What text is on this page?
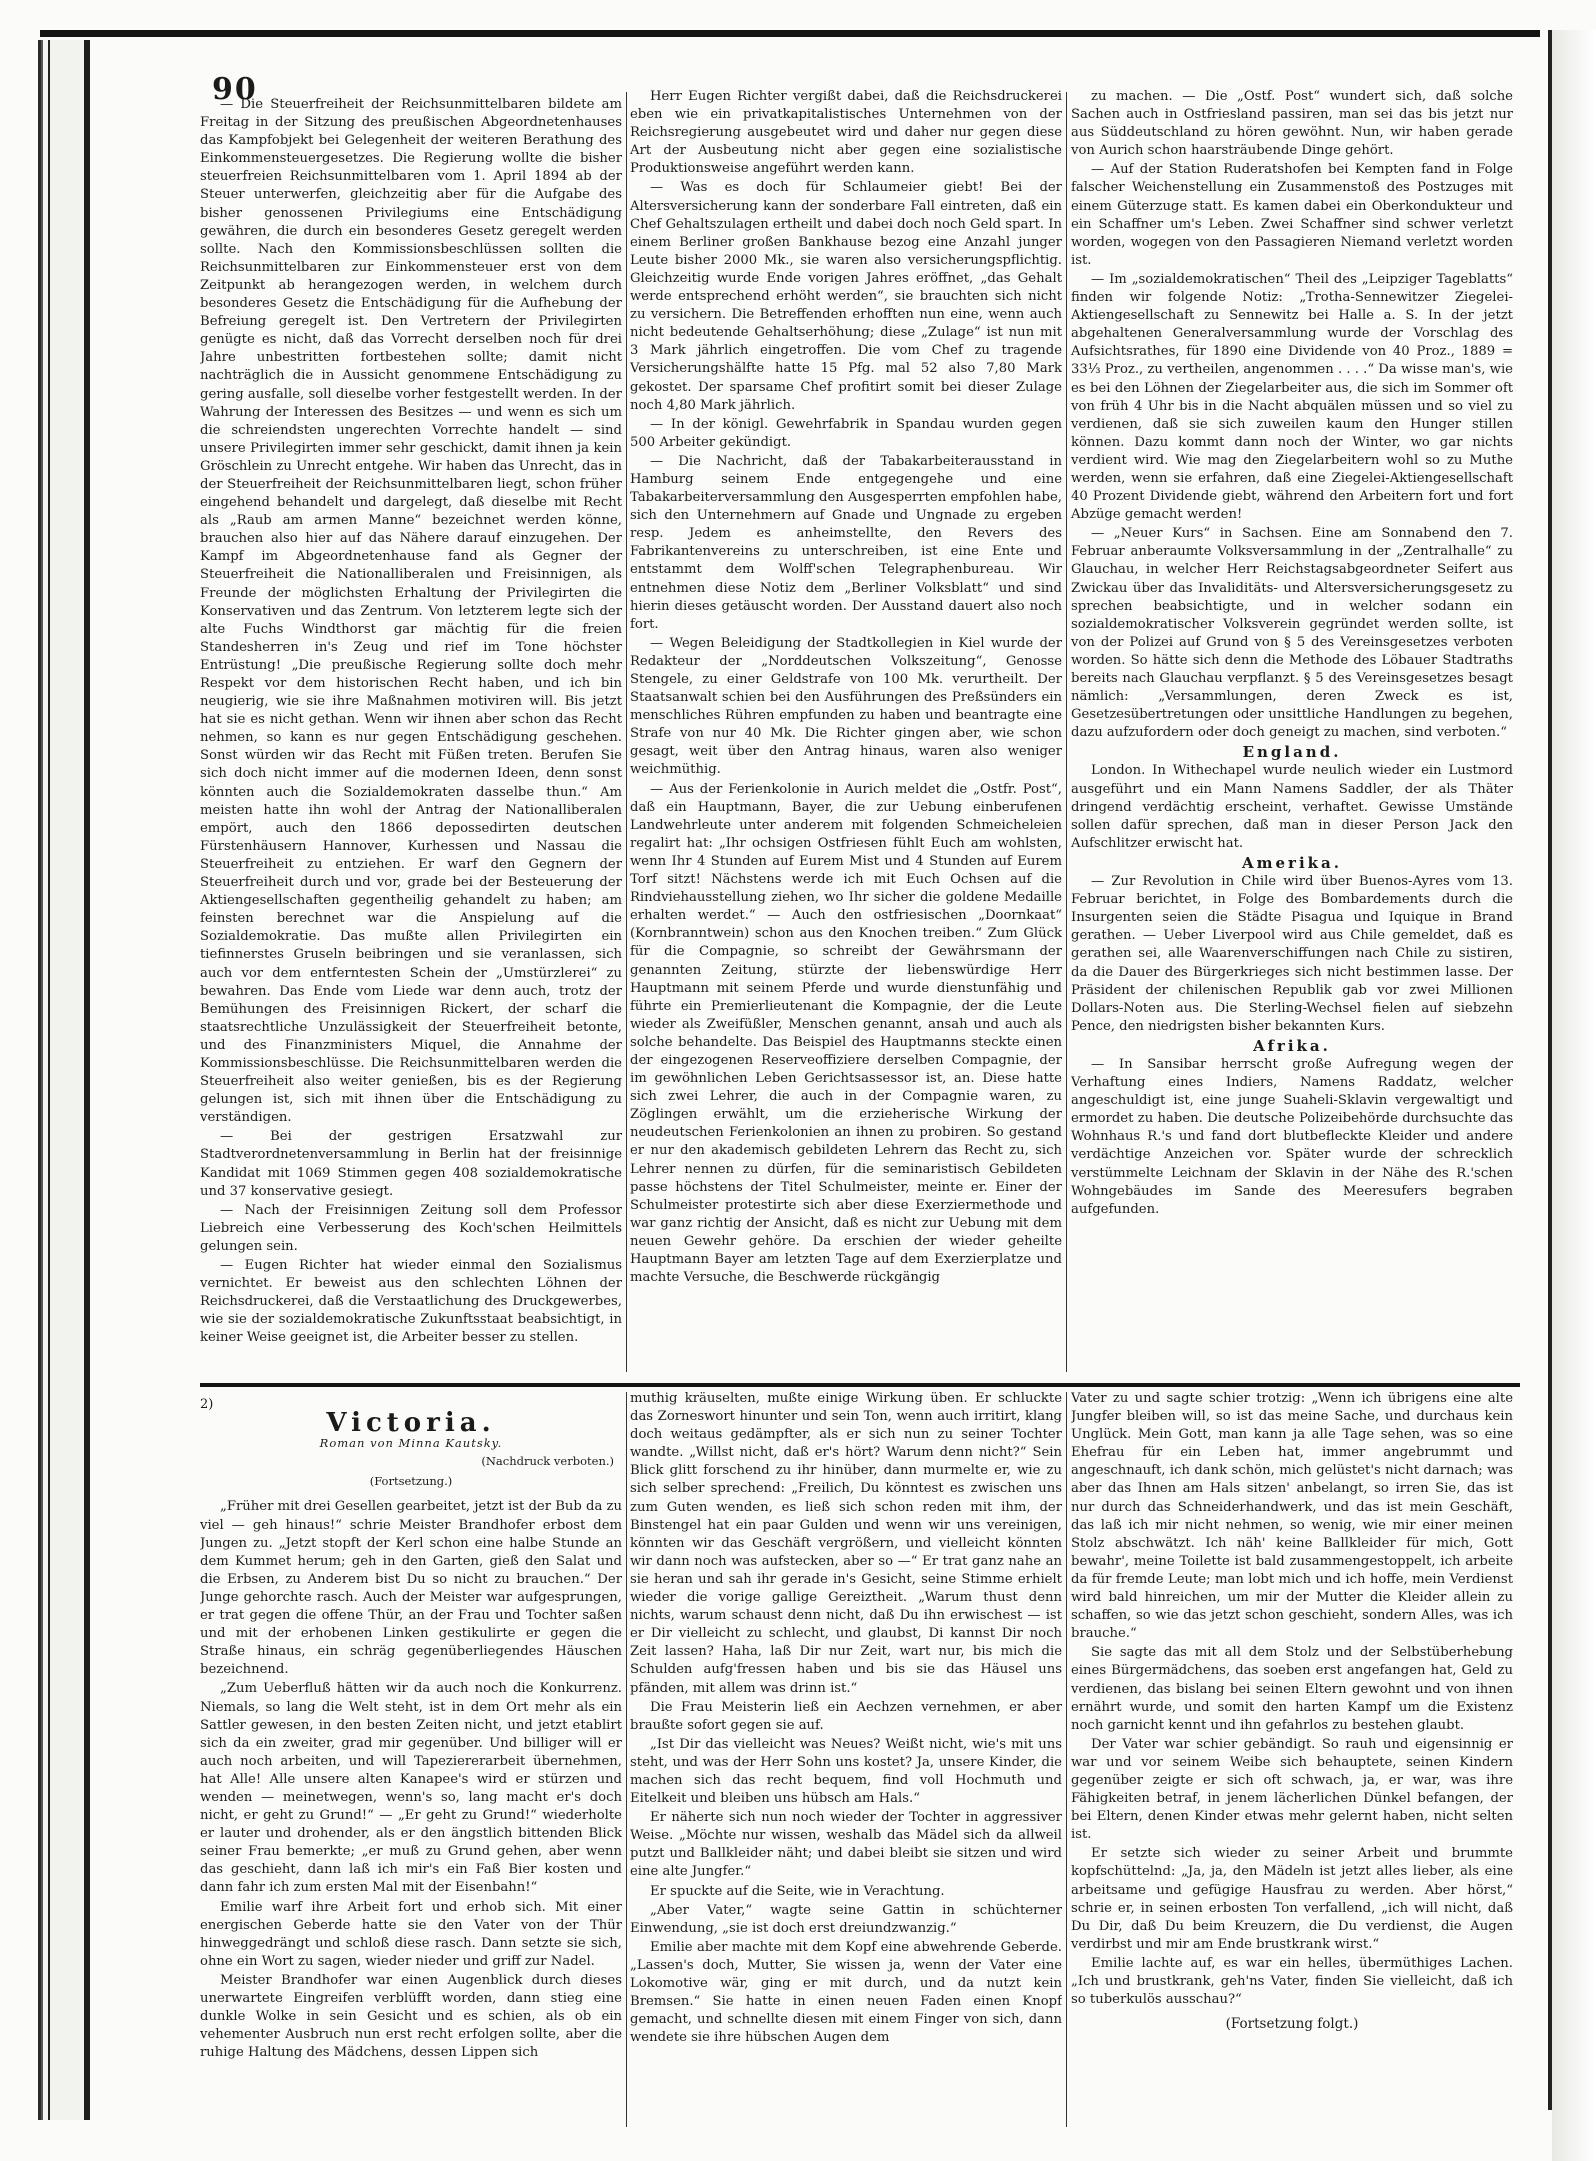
90

— Die Steuerfreiheit der Reichsunmittelbaren bildete am Freitag in der Sitzung des preußischen Abgeordnetenhauses das Kampfobjekt bei Gelegenheit der weiteren Berathung des Einkommensteuergesetzes. Die Regierung wollte die bisher steuerfreien Reichsunmittelbaren vom 1. April 1894 ab der Steuer unterwerfen, gleichzeitig aber für die Aufgabe des bisher genossenen Privilegiums eine Entschädigung gewähren, die durch ein besonderes Gesetz geregelt werden sollte. Nach den Kommissionsbeschlüssen sollten die Reichsunmittelbaren zur Einkommensteuer erst von dem Zeitpunkt ab herangezogen werden, in welchem durch besonderes Gesetz die Entschädigung für die Aufhebung der Befreiung geregelt ist. Den Vertretern der Privilegirten genügte es nicht, daß das Vorrecht derselben noch für drei Jahre unbestritten fortbestehen sollte; damit nicht nachträglich die in Aussicht genommene Entschädigung zu gering ausfalle, soll dieselbe vorher festgestellt werden. In der Wahrung der Interessen des Besitzes — und wenn es sich um die schreiendsten ungerechten Vorrechte handelt — sind unsere Privilegirten immer sehr geschickt, damit ihnen ja kein Gröschlein zu Unrecht entgehe. Wir haben das Unrecht, das in der Steuerfreiheit der Reichsunmittelbaren liegt, schon früher eingehend behandelt und dargelegt, daß dieselbe mit Recht als „Raub am armen Manne“ bezeichnet werden könne, brauchen also hier auf das Nähere darauf einzugehen. Der Kampf im Abgeordnetenhause fand als Gegner der Steuerfreiheit die Nationalliberalen und Freisinnigen, als Freunde der möglichsten Erhaltung der Privilegirten die Konservativen und das Zentrum. Von letzterem legte sich der alte Fuchs Windthorst gar mächtig für die freien Standesherren in's Zeug und rief im Tone höchster Entrüstung! „Die preußische Regierung sollte doch mehr Respekt vor dem historischen Recht haben, und ich bin neugierig, wie sie ihre Maßnahmen motiviren will. Bis jetzt hat sie es nicht gethan. Wenn wir ihnen aber schon das Recht nehmen, so kann es nur gegen Entschädigung geschehen. Sonst würden wir das Recht mit Füßen treten. Berufen Sie sich doch nicht immer auf die modernen Ideen, denn sonst könnten auch die Sozialdemokraten dasselbe thun.“ Am meisten hatte ihn wohl der Antrag der Nationalliberalen empört, auch den 1866 depossedirten deutschen Fürstenhäusern Hannover, Kurhessen und Nassau die Steuerfreiheit zu entziehen. Er warf den Gegnern der Steuerfreiheit durch und vor, grade bei der Besteuerung der Aktiengesellschaften gegentheilig gehandelt zu haben; am feinsten berechnet war die Anspielung auf die Sozialdemokratie. Das mußte allen Privilegirten ein tiefinnerstes Gruseln beibringen und sie veranlassen, sich auch vor dem entferntesten Schein der „Umstürzlerei“ zu bewahren. Das Ende vom Liede war denn auch, trotz der Bemühungen des Freisinnigen Rickert, der scharf die staatsrechtliche Unzulässigkeit der Steuerfreiheit betonte, und des Finanzministers Miquel, die Annahme der Kommissionsbeschlüsse. Die Reichsunmittelbaren werden die Steuerfreiheit also weiter genießen, bis es der Regierung gelungen ist, sich mit ihnen über die Entschädigung zu verständigen.

— Bei der gestrigen Ersatzwahl zur Stadtverordnetenversammlung in Berlin hat der freisinnige Kandidat mit 1069 Stimmen gegen 408 sozialdemokratische und 37 konservative gesiegt.

— Nach der Freisinnigen Zeitung soll dem Professor Liebreich eine Verbesserung des Koch'schen Heilmittels gelungen sein.

— Eugen Richter hat wieder einmal den Sozialismus vernichtet. Er beweist aus den schlechten Löhnen der Reichsdruckerei, daß die Verstaatlichung des Druckgewerbes, wie sie der sozialdemokratische Zukunftsstaat beabsichtigt, in keiner Weise geeignet ist, die Arbeiter besser zu stellen.

Herr Eugen Richter vergißt dabei, daß die Reichsdruckerei eben wie ein privatkapitalistisches Unternehmen von der Reichsregierung ausgebeutet wird und daher nur gegen diese Art der Ausbeutung nicht aber gegen eine sozialistische Produktionsweise angeführt werden kann.

— Was es doch für Schlaumeier giebt! Bei der Altersversicherung kann der sonderbare Fall eintreten, daß ein Chef Gehaltszulagen ertheilt und dabei doch noch Geld spart. In einem Berliner großen Bankhause bezog eine Anzahl junger Leute bisher 2000 Mk., sie waren also versicherungspflichtig. Gleichzeitig wurde Ende vorigen Jahres eröffnet, „das Gehalt werde entsprechend erhöht werden“, sie brauchten sich nicht zu versichern. Die Betreffenden erhofften nun eine, wenn auch nicht bedeutende Gehaltserhöhung; diese „Zulage“ ist nun mit 3 Mark jährlich eingetroffen. Die vom Chef zu tragende Versicherungshälfte hatte 15 Pfg. mal 52 also 7,80 Mark gekostet. Der sparsame Chef profitirt somit bei dieser Zulage noch 4,80 Mark jährlich.

— In der königl. Gewehrfabrik in Spandau wurden gegen 500 Arbeiter gekündigt.

— Die Nachricht, daß der Tabakarbeiterausstand in Hamburg seinem Ende entgegengehe und eine Tabakarbeiterversammlung den Ausgesperrten empfohlen habe, sich den Unternehmern auf Gnade und Ungnade zu ergeben resp. Jedem es anheimstellte, den Revers des Fabrikantenvereins zu unterschreiben, ist eine Ente und entstammt dem Wolff'schen Telegraphenbureau. Wir entnehmen diese Notiz dem „Berliner Volksblatt“ und sind hierin dieses getäuscht worden. Der Ausstand dauert also noch fort.

— Wegen Beleidigung der Stadtkollegien in Kiel wurde der Redakteur der „Norddeutschen Volkszeitung“, Genosse Stengele, zu einer Geldstrafe von 100 Mk. verurtheilt. Der Staatsanwalt schien bei den Ausführungen des Preßsünders ein menschliches Rühren empfunden zu haben und beantragte eine Strafe von nur 40 Mk. Die Richter gingen aber, wie schon gesagt, weit über den Antrag hinaus, waren also weniger weichmüthig.

— Aus der Ferienkolonie in Aurich meldet die „Ostfr. Post“, daß ein Hauptmann, Bayer, die zur Uebung einberufenen Landwehrleute unter anderem mit folgenden Schmeicheleien regalirt hat: „Ihr ochsigen Ostfriesen fühlt Euch am wohlsten, wenn Ihr 4 Stunden auf Eurem Mist und 4 Stunden auf Eurem Torf sitzt! Nächstens werde ich mit Euch Ochsen auf die Rindviehausstellung ziehen, wo Ihr sicher die goldene Medaille erhalten werdet.“ — Auch den ostfriesischen „Doornkaat“ (Kornbranntwein) schon aus den Knochen treiben.“ Zum Glück für die Compagnie, so schreibt der Gewährsmann der genannten Zeitung, stürzte der liebenswürdige Herr Hauptmann mit seinem Pferde und wurde dienstunfähig und führte ein Premierlieutenant die Kompagnie, der die Leute wieder als Zweifüßler, Menschen genannt, ansah und auch als solche behandelte. Das Beispiel des Hauptmanns steckte einen der eingezogenen Reserveoffiziere derselben Compagnie, der im gewöhnlichen Leben Gerichtsassessor ist, an. Diese hatte sich zwei Lehrer, die auch in der Compagnie waren, zu Zöglingen erwählt, um die erzieherische Wirkung der neudeutschen Ferienkolonien an ihnen zu probiren. So gestand er nur den akademisch gebildeten Lehrern das Recht zu, sich Lehrer nennen zu dürfen, für die seminaristisch Gebildeten passe höchstens der Titel Schulmeister, meinte er. Einer der Schulmeister protestirte sich aber diese Exerziermethode und war ganz richtig der Ansicht, daß es nicht zur Uebung mit dem neuen Gewehr gehöre. Da erschien der wieder geheilte Hauptmann Bayer am letzten Tage auf dem Exerzierplatze und machte Versuche, die Beschwerde rückgängig

zu machen. — Die „Ostf. Post“ wundert sich, daß solche Sachen auch in Ostfriesland passiren, man sei das bis jetzt nur aus Süddeutschland zu hören gewöhnt. Nun, wir haben gerade von Aurich schon haarsträubende Dinge gehört.

— Auf der Station Ruderatshofen bei Kempten fand in Folge falscher Weichenstellung ein Zusammenstoß des Postzuges mit einem Güterzuge statt. Es kamen dabei ein Oberkondukteur und ein Schaffner um's Leben. Zwei Schaffner sind schwer verletzt worden, wogegen von den Passagieren Niemand verletzt worden ist.

— Im „sozialdemokratischen“ Theil des „Leipziger Tageblatts“ finden wir folgende Notiz: „Trotha-Sennewitzer Ziegelei-Aktiengesellschaft zu Sennewitz bei Halle a. S. In der jetzt abgehaltenen Generalversammlung wurde der Vorschlag des Aufsichtsrathes, für 1890 eine Dividende von 40 Proz., 1889 = 33⅓ Proz., zu vertheilen, angenommen . . . .“ Da wisse man's, wie es bei den Löhnen der Ziegelarbeiter aus, die sich im Sommer oft von früh 4 Uhr bis in die Nacht abquälen müssen und so viel zu verdienen, daß sie sich zuweilen kaum den Hunger stillen können. Dazu kommt dann noch der Winter, wo gar nichts verdient wird. Wie mag den Ziegelarbeitern wohl so zu Muthe werden, wenn sie erfahren, daß eine Ziegelei-Aktiengesellschaft 40 Prozent Dividende giebt, während den Arbeitern fort und fort Abzüge gemacht werden!

— „Neuer Kurs“ in Sachsen. Eine am Sonnabend den 7. Februar anberaumte Volksversammlung in der „Zentralhalle“ zu Glauchau, in welcher Herr Reichstagsabgeordneter Seifert aus Zwickau über das Invaliditäts- und Altersversicherungsgesetz zu sprechen beabsichtigte, und in welcher sodann ein sozialdemokratischer Volksverein gegründet werden sollte, ist von der Polizei auf Grund von § 5 des Vereinsgesetzes verboten worden. So hätte sich denn die Methode des Löbauer Stadtraths bereits nach Glauchau verpflanzt. § 5 des Vereinsgesetzes besagt nämlich: „Versammlungen, deren Zweck es ist, Gesetzesübertretungen oder unsittliche Handlungen zu begehen, dazu aufzufordern oder doch geneigt zu machen, sind verboten.“

England.

London. In Withechapel wurde neulich wieder ein Lustmord ausgeführt und ein Mann Namens Saddler, der als Thäter dringend verdächtig erscheint, verhaftet. Gewisse Umstände sollen dafür sprechen, daß man in dieser Person Jack den Aufschlitzer erwischt hat.

Amerika.

— Zur Revolution in Chile wird über Buenos-Ayres vom 13. Februar berichtet, in Folge des Bombardements durch die Insurgenten seien die Städte Pisagua und Iquique in Brand gerathen. — Ueber Liverpool wird aus Chile gemeldet, daß es gerathen sei, alle Waarenverschiffungen nach Chile zu sistiren, da die Dauer des Bürgerkrieges sich nicht bestimmen lasse. Der Präsident der chilenischen Republik gab vor zwei Millionen Dollars-Noten aus. Die Sterling-Wechsel fielen auf siebzehn Pence, den niedrigsten bisher bekannten Kurs.

Afrika.

— In Sansibar herrscht große Aufregung wegen der Verhaftung eines Indiers, Namens Raddatz, welcher angeschuldigt ist, eine junge Suaheli-Sklavin vergewaltigt und ermordet zu haben. Die deutsche Polizeibehörde durchsuchte das Wohnhaus R.'s und fand dort blutbefleckte Kleider und andere verdächtige Anzeichen vor. Später wurde der schrecklich verstümmelte Leichnam der Sklavin in der Nähe des R.'schen Wohngebäudes im Sande des Meeresufers begraben aufgefunden.

2)
Victoria.
Roman von Minna Kautsky.
(Nachdruck verboten.)
(Fortsetzung.)

„Früher mit drei Gesellen gearbeitet, jetzt ist der Bub da zu viel — geh hinaus!“ schrie Meister Brandhofer erbost dem Jungen zu. „Jetzt stopft der Kerl schon eine halbe Stunde an dem Kummet herum; geh in den Garten, gieß den Salat und die Erbsen, zu Anderem bist Du so nicht zu brauchen.“ Der Junge gehorchte rasch. Auch der Meister war aufgesprungen, er trat gegen die offene Thür, an der Frau und Tochter saßen und mit der erhobenen Linken gestikulirte er gegen die Straße hinaus, ein schräg gegenüberliegendes Häuschen bezeichnend.

„Zum Ueberfluß hätten wir da auch noch die Konkurrenz. Niemals, so lang die Welt steht, ist in dem Ort mehr als ein Sattler gewesen, in den besten Zeiten nicht, und jetzt etablirt sich da ein zweiter, grad mir gegenüber. Und billiger will er auch noch arbeiten, und will Tapeziererarbeit übernehmen, hat Alle! Alle unsere alten Kanapee's wird er stürzen und wenden — meinetwegen, wenn's so, lang macht er's doch nicht, er geht zu Grund!“ — „Er geht zu Grund!“ wiederholte er lauter und drohender, als er den ängstlich bittenden Blick seiner Frau bemerkte; „er muß zu Grund gehen, aber wenn das geschieht, dann laß ich mir's ein Faß Bier kosten und dann fahr ich zum ersten Mal mit der Eisenbahn!“

Emilie warf ihre Arbeit fort und erhob sich. Mit einer energischen Geberde hatte sie den Vater von der Thür hinweggedrängt und schloß diese rasch. Dann setzte sie sich, ohne ein Wort zu sagen, wieder nieder und griff zur Nadel.

Meister Brandhofer war einen Augenblick durch dieses unerwartete Eingreifen verblüfft worden, dann stieg eine dunkle Wolke in sein Gesicht und es schien, als ob ein vehementer Ausbruch nun erst recht erfolgen sollte, aber die ruhige Haltung des Mädchens, dessen Lippen sich

muthig kräuselten, mußte einige Wirkung üben. Er schluckte das Zorneswort hinunter und sein Ton, wenn auch irritirt, klang doch weitaus gedämpfter, als er sich nun zu seiner Tochter wandte. „Willst nicht, daß er's hört? Warum denn nicht?“ Sein Blick glitt forschend zu ihr hinüber, dann murmelte er, wie zu sich selber sprechend: „Freilich, Du könntest es zwischen uns zum Guten wenden, es ließ sich schon reden mit ihm, der Binstengel hat ein paar Gulden und wenn wir uns vereinigen, könnten wir das Geschäft vergrößern, und vielleicht könnten wir dann noch was aufstecken, aber so —“ Er trat ganz nahe an sie heran und sah ihr gerade in's Gesicht, seine Stimme erhielt wieder die vorige gallige Gereiztheit. „Warum thust denn nichts, warum schaust denn nicht, daß Du ihn erwischest — ist er Dir vielleicht zu schlecht, und glaubst, Di kannst Dir noch Zeit lassen? Haha, laß Dir nur Zeit, wart nur, bis mich die Schulden aufg'fressen haben und bis sie das Häusel uns pfänden, mit allem was drinn ist.“

Die Frau Meisterin ließ ein Aechzen vernehmen, er aber braußte sofort gegen sie auf.

„Ist Dir das vielleicht was Neues? Weißt nicht, wie's mit uns steht, und was der Herr Sohn uns kostet? Ja, unsere Kinder, die machen sich das recht bequem, find voll Hochmuth und Eitelkeit und bleiben uns hübsch am Hals.“

Er näherte sich nun noch wieder der Tochter in aggressiver Weise. „Möchte nur wissen, weshalb das Mädel sich da allweil putzt und Ballkleider näht; und dabei bleibt sie sitzen und wird eine alte Jungfer.“

Er spuckte auf die Seite, wie in Verachtung.

„Aber Vater,“ wagte seine Gattin in schüchterner Einwendung, „sie ist doch erst dreiundzwanzig.“

Emilie aber machte mit dem Kopf eine abwehrende Geberde. „Lassen's doch, Mutter, Sie wissen ja, wenn der Vater eine Lokomotive wär, ging er mit durch, und da nutzt kein Bremsen.“ Sie hatte in einen neuen Faden einen Knopf gemacht, und schnellte diesen mit einem Finger von sich, dann wendete sie ihre hübschen Augen dem

Vater zu und sagte schier trotzig: „Wenn ich übrigens eine alte Jungfer bleiben will, so ist das meine Sache, und durchaus kein Unglück. Mein Gott, man kann ja alle Tage sehen, was so eine Ehefrau für ein Leben hat, immer angebrummt und angeschnauft, ich dank schön, mich gelüstet's nicht darnach; was aber das Ihnen am Hals sitzen' anbelangt, so irren Sie, das ist nur durch das Schneiderhandwerk, und das ist mein Geschäft, das laß ich mir nicht nehmen, so wenig, wie mir einer meinen Stolz abschwätzt. Ich näh' keine Ballkleider für mich, Gott bewahr', meine Toilette ist bald zusammengestoppelt, ich arbeite da für fremde Leute; man lobt mich und ich hoffe, mein Verdienst wird bald hinreichen, um mir der Mutter die Kleider allein zu schaffen, so wie das jetzt schon geschieht, sondern Alles, was ich brauche.“

Sie sagte das mit all dem Stolz und der Selbstüberhebung eines Bürgermädchens, das soeben erst angefangen hat, Geld zu verdienen, das bislang bei seinen Eltern gewohnt und von ihnen ernährt wurde, und somit den harten Kampf um die Existenz noch garnicht kennt und ihn gefahrlos zu bestehen glaubt.

Der Vater war schier gebändigt. So rauh und eigensinnig er war und vor seinem Weibe sich behauptete, seinen Kindern gegenüber zeigte er sich oft schwach, ja, er war, was ihre Fähigkeiten betraf, in jenem lächerlichen Dünkel befangen, der bei Eltern, denen Kinder etwas mehr gelernt haben, nicht selten ist.

Er setzte sich wieder zu seiner Arbeit und brummte kopfschüttelnd: „Ja, ja, den Mädeln ist jetzt alles lieber, als eine arbeitsame und gefügige Hausfrau zu werden. Aber hörst,“ schrie er, in seinen erbosten Ton verfallend, „ich will nicht, daß Du Dir, daß Du beim Kreuzern, die Du verdienst, die Augen verdirbst und mir am Ende brustkrank wirst.“

Emilie lachte auf, es war ein helles, übermüthiges Lachen. „Ich und brustkrank, geh'ns Vater, finden Sie vielleicht, daß ich so tuberkulös ausschau?“

(Fortsetzung folgt.)
